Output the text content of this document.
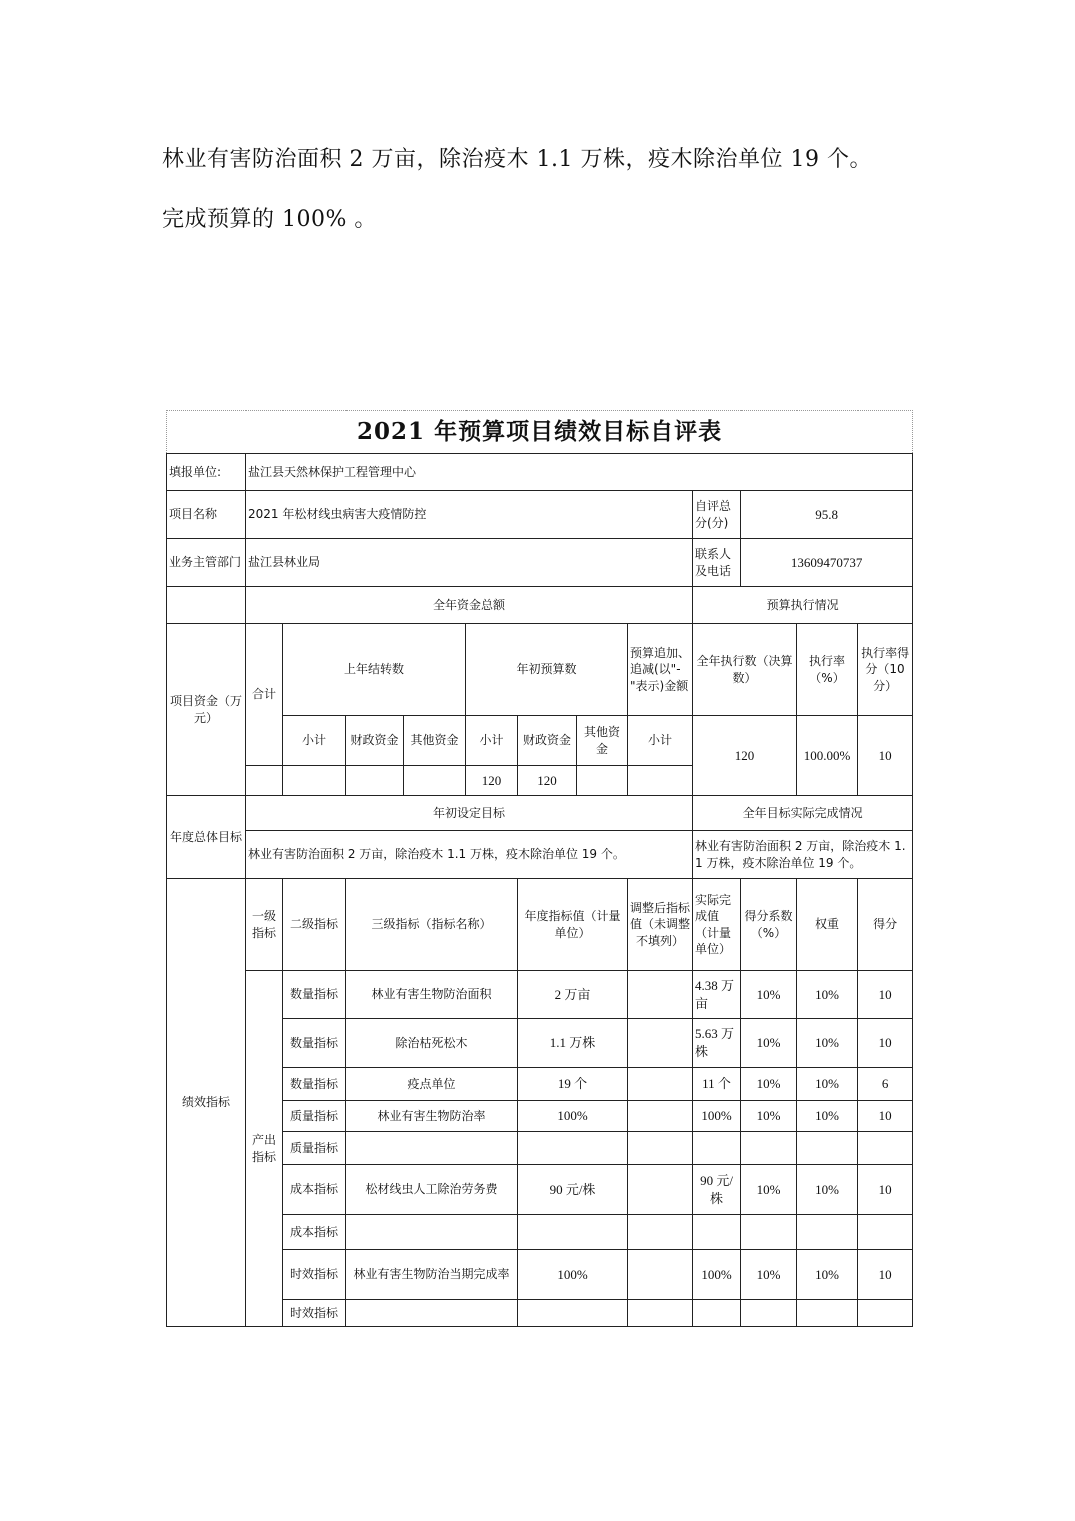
林业有害防治面积 2 万亩，除治疫木 1.1 万株，疫木除治单位 19 个。
完成预算的 100% 。
2021 年预算项目绩效目标自评表												
填报单位:	盐江县天然林保护工程管理中心											
项目名称	2021 年松材线虫病害大疫情防控								自评总分(分)	95.8		
业务主管部门	盐江县林业局								联系人及电话	13609470737		
	全年资金总额								预算执行情况			
项目资金（万元）	合计	上年结转数			年初预算数			预算追加、追减(以"-"表示)金额	全年执行数（决算数）		执行率（%）	执行率得分（10 分）
		小计	财政资金	其他资金	小计	财政资金	其他资金	小计	120		100.00%	10
					120	120						
年度总体目标	年初设定目标								全年目标实际完成情况			
	林业有害防治面积 2 万亩，除治疫木 1.1 万株，疫木除治单位 19 个。								林业有害防治面积 2 万亩，除治疫木 1.1 万株，疫木除治单位 19 个。			
绩效指标	一级指标	二级指标	三级指标（指标名称）			年度指标值（计量单位）		调整后指标值（未调整不填列）	实际完成值（计量单位）	得分系数（%）	权重	得分
	产出指标	数量指标	林业有害生物防治面积			2 万亩			4.38 万亩	10%	10%	10
		数量指标	除治枯死松木			1.1 万株			5.63 万株	10%	10%	10
		数量指标	疫点单位			19 个			11 个	10%	10%	6
		质量指标	林业有害生物防治率			100%			100%	10%	10%	10
		质量指标										
		成本指标	松材线虫人工除治劳务费			90 元/株			90 元/株	10%	10%	10
		成本指标										
		时效指标	林业有害生物防治当期完成率			100%			100%	10%	10%	10
		时效指标										
